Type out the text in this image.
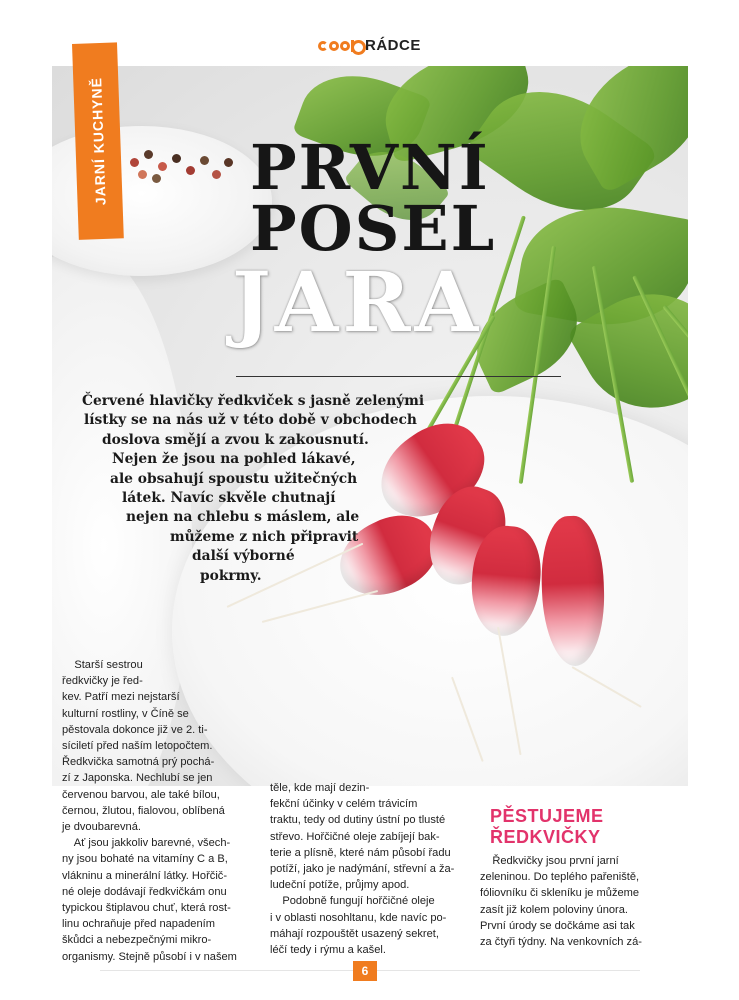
RÁDCE
JARNÍ KUCHYNĚ PRVNÍ
POSEL
JARA
Červené hlavičky ředkviček s jasně zelenými
lístky se na nás už v této době v obchodech
doslova smějí a zvou k zakousnutí.
Nejen že jsou na pohled lákavé,
ale obsahují spoustu užitečných
látek. Navíc skvěle chutnají
nejen na chlebu s máslem, ale
můžeme z nich připravit
další výborné
pokrmy.
Starší sestrou
ředkvičky je řed-
kev. Patří mezi nejstarší
kulturní rostliny, v Číně se
pěstovala dokonce již ve 2. ti-
síciletí před naším letopočtem.
Ředkvička samotná prý pochá-
zí z Japonska. Nechlubí se jen
červenou barvou, ale také bílou,
černou, žlutou, fialovou, oblíbená
je dvoubarevná.
Ať jsou jakkoliv barevné, všech-
ny jsou bohaté na vitamíny C a B,
vlákninu a minerální látky. Hořčič-
né oleje dodávají ředkvičkám onu
typickou štiplavou chuť, která rost-
linu ochraňuje před napadením
škůdci a nebezpečnými mikro-
organismy. Stejně působí i v našem
těle, kde mají dezin-
fekční účinky v celém trávicím
traktu, tedy od dutiny ústní po tlusté
střevo. Hořčičné oleje zabíjejí bak-
terie a plísně, které nám působí řadu
potíží, jako je nadýmání, střevní a ža-
ludeční potíže, průjmy apod.
Podobně fungují hořčičné oleje
i v oblasti nosohltanu, kde navíc po-
máhají rozpouštět usazený sekret,
léčí tedy i rýmu a kašel.
PĚSTUJEME
ŘEDKVIČKY
Ředkvičky jsou první jarní
zeleninou. Do teplého pařeniště,
fóliovníku či skleníku je můžeme
zasít již kolem poloviny února.
První úrody se dočkáme asi tak
za čtyři týdny. Na venkovních zá-
6
